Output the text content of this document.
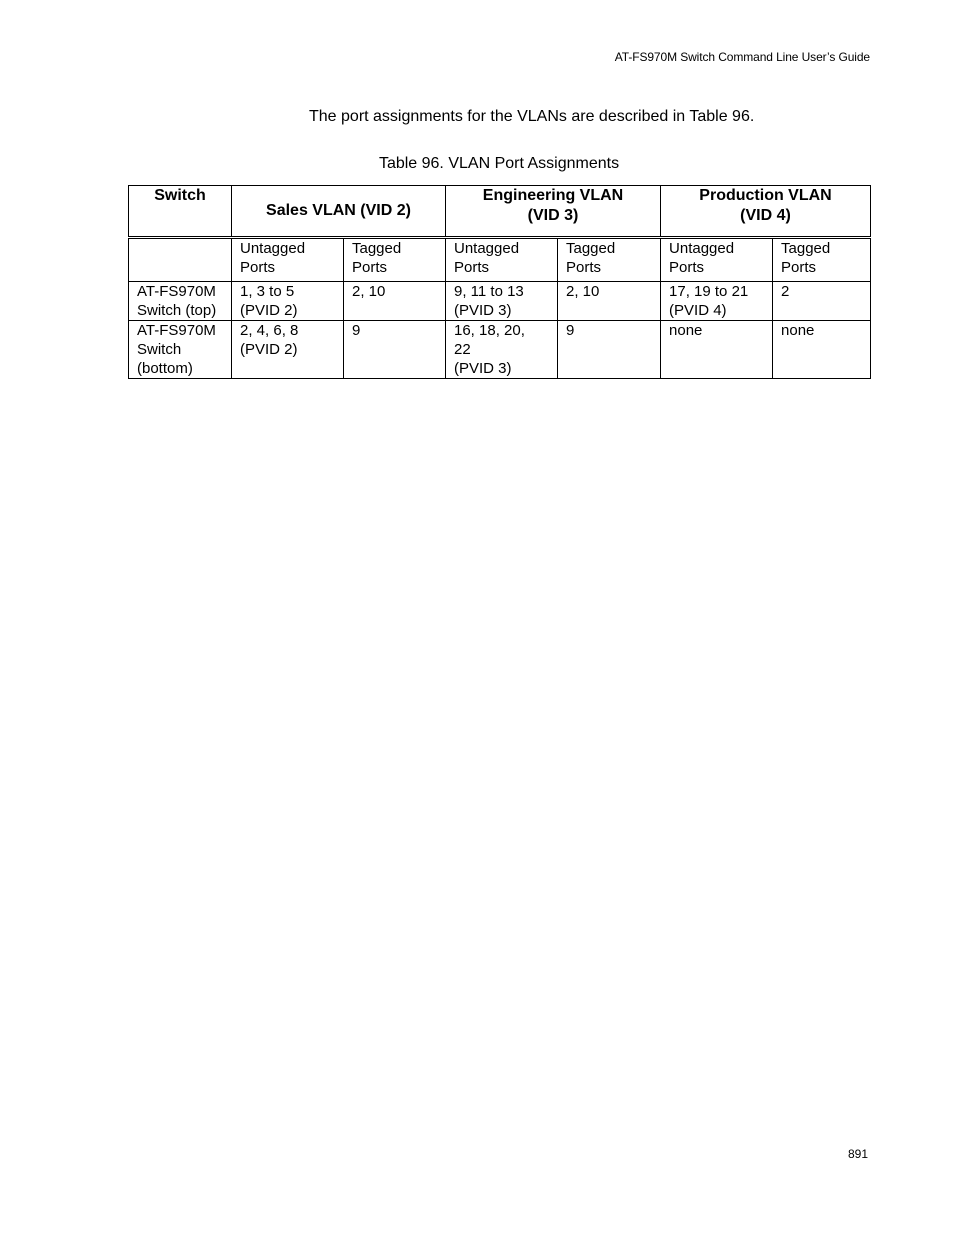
AT-FS970M Switch Command Line User’s Guide
The port assignments for the VLANs are described in Table 96.
Table 96. VLAN Port Assignments
Switch	Sales VLAN (VID 2)		Engineering VLAN
(VID 3)		Production VLAN
(VID 4)	

	Untagged
Ports	Tagged
Ports	Untagged
Ports	Tagged
Ports	Untagged
Ports	Tagged
Ports

AT-FS970M
Switch (top)	1, 3 to 5
(PVID 2)	2, 10	9, 11 to 13
(PVID 3)	2, 10	17, 19 to 21
(PVID 4)	2

AT-FS970M
Switch
(bottom)	2, 4, 6, 8
(PVID 2)	9	16, 18, 20,
22
(PVID 3)	9	none	none
891
